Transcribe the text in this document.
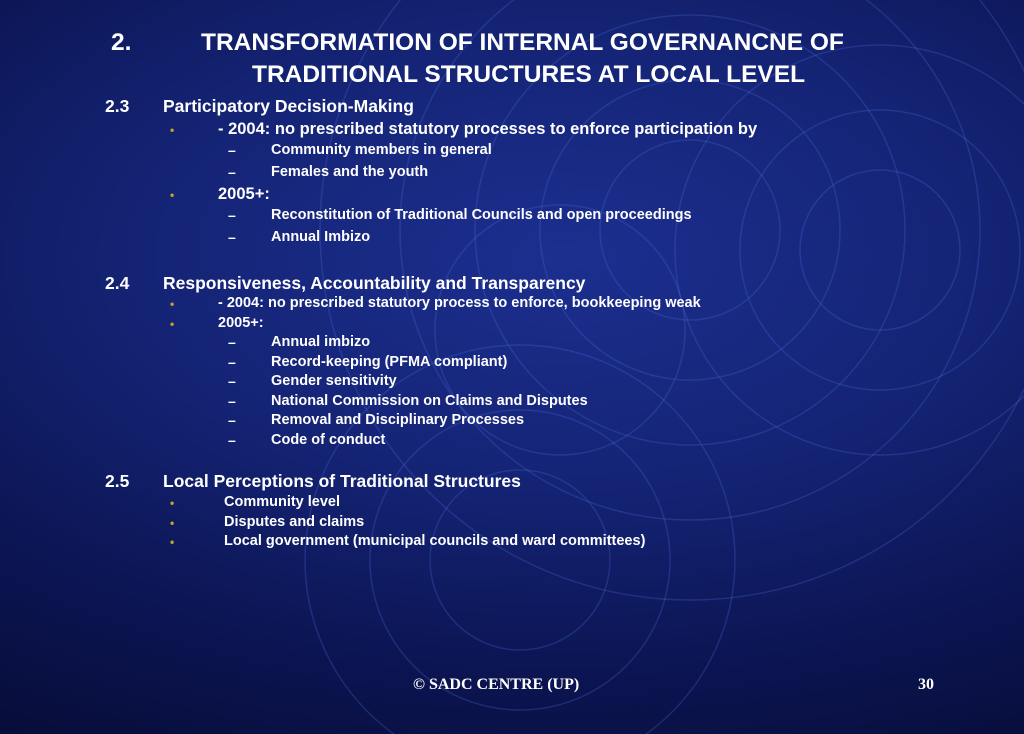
2.	TRANSFORMATION OF INTERNAL GOVERNANCNE OF
TRADITIONAL STRUCTURES AT LOCAL LEVEL
2.3 Participatory Decision-Making
•	- 2004: no prescribed statutory processes to enforce participation by
– Community members in general
– Females and the youth
•	2005+:
– Reconstitution of Traditional Councils and open proceedings
– Annual Imbizo
2.4 Responsiveness, Accountability and Transparency
•	- 2004: no prescribed statutory process to enforce, bookkeeping weak
•	2005+:
– Annual imbizo
– Record-keeping (PFMA compliant)
– Gender sensitivity
– National Commission on Claims and Disputes
– Removal and Disciplinary Processes
– Code of conduct
2.5 Local Perceptions of Traditional Structures
•	Community level
•	Disputes and claims
•	Local government (municipal councils and ward committees)
© SADC CENTRE (UP)	30
